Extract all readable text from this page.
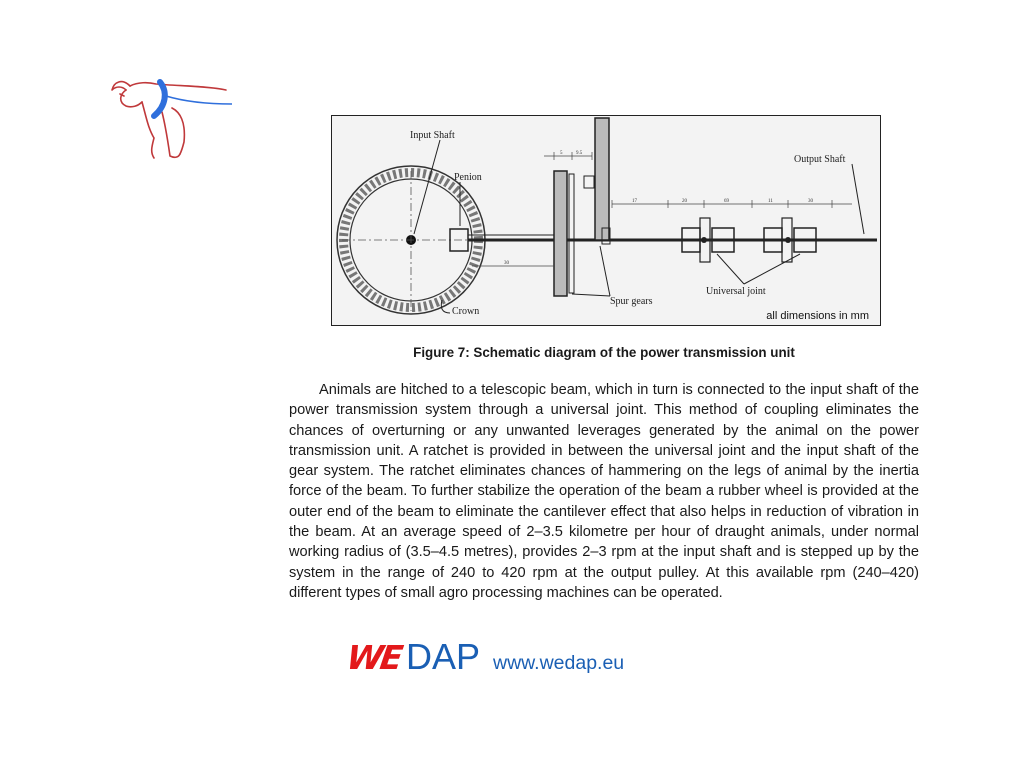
17	20	69	11	30
30
5	9.5
Input Shaft
Penion
Output Shaft
Universal joint
Spur gears
Crown	all dimensions in mm
Figure 7: Schematic diagram of the power transmission unit

Animals are hitched to a telescopic beam, which in turn is connected to the input shaft of the power transmission system through a universal joint. This method of coupling eliminates the chances of overturning or any unwanted leverages generated by the animal on the power transmission unit. A ratchet is provided in between the universal joint and the input shaft of the gear system. The ratchet eliminates chances of hammering on the legs of animal by the inertia force of the beam. To further stabilize the operation of the beam a rubber wheel is provided at the outer end of the beam to eliminate the cantilever effect that also helps in reduction of vibration in the beam. At an average speed of 2–3.5 kilometre per hour of draught animals, under normal working radius of (3.5–4.5 metres), provides 2–3 rpm at the input shaft and is stepped up by the system in the range of 240 to 420 rpm at the output pulley. At this available rpm (240–420) different types of small agro processing machines can be operated.

WE DAP www.wedap.eu
